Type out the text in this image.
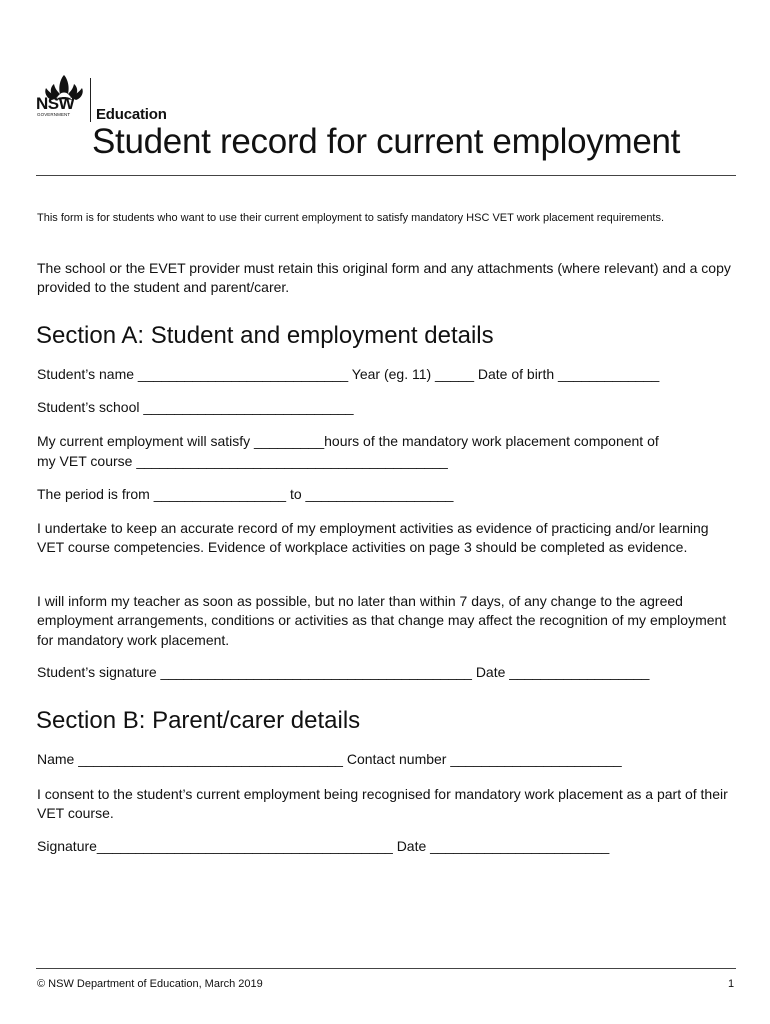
NSW
GOVERNMENT Education
Student record for current employment
This form is for students who want to use their current employment to satisfy mandatory HSC VET work placement requirements.
The school or the EVET provider must retain this original form and any attachments (where relevant) and a copy provided to the student and parent/carer.
Section A: Student and employment details
Student’s name ___________________________ Year (eg. 11) _____ Date of birth _____________
Student’s school ___________________________
My current employment will satisfy _________hours of the mandatory work placement component of
my VET course ________________________________________
The period is from _________________ to ___________________
I undertake to keep an accurate record of my employment activities as evidence of practicing and/or learning VET course competencies. Evidence of workplace activities on page 3 should be completed as evidence.
I will inform my teacher as soon as possible, but no later than within 7 days, of any change to the agreed employment arrangements, conditions or activities as that change may affect the recognition of my employment for mandatory work placement.
Student’s signature ________________________________________ Date __________________
Section B: Parent/carer details
Name __________________________________ Contact number ______________________
I consent to the student’s current employment being recognised for mandatory work placement as a part of their VET course.
Signature______________________________________ Date _______________________
© NSW Department of Education, March 2019	1
